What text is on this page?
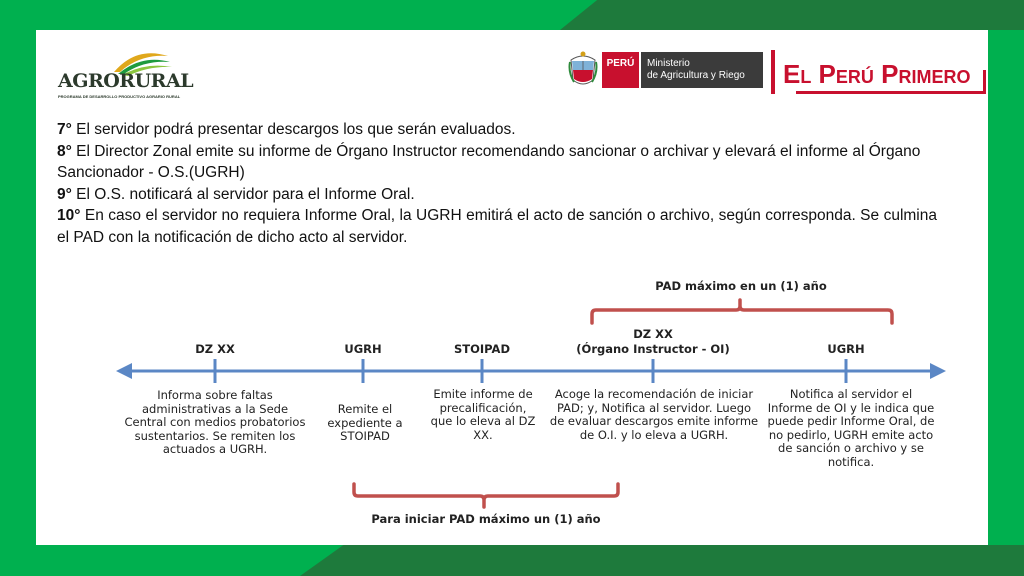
AGRORURAL
PROGRAMA DE DESARROLLO PRODUCTIVO AGRARIO RURAL
PERÚ	Ministerio
de Agricultura y Riego	El Perú Primero

7° El servidor podrá presentar descargos los que serán evaluados.

8° El Director Zonal emite su informe de Órgano Instructor recomendando sancionar o archivar y elevará el informe al Órgano Sancionador - O.S.(UGRH)

9° El O.S. notificará al servidor para el Informe Oral.

10° En caso el servidor no requiera Informe Oral, la UGRH emitirá el acto de sanción o archivo, según corresponda. Se culmina el PAD con la notificación de dicho acto al servidor.

PAD máximo en un (1) año
DZ XX	UGRH	STOIPAD
DZ XX
(Órgano Instructor - OI)	UGRH
Informa sobre faltas administrativas a la Sede Central con medios probatorios sustentarios. Se remiten los actuados a UGRH.
Remite el expediente a STOIPAD
Emite informe de precalificación, que lo eleva al DZ XX.
Acoge la recomendación de iniciar PAD; y, Notifica al servidor. Luego de evaluar descargos emite informe de O.I. y lo eleva a UGRH.
Notifica al servidor el Informe de OI y le indica que puede pedir Informe Oral, de no pedirlo, UGRH emite acto de sanción o archivo y se notifica.
Para iniciar PAD máximo un (1) año
